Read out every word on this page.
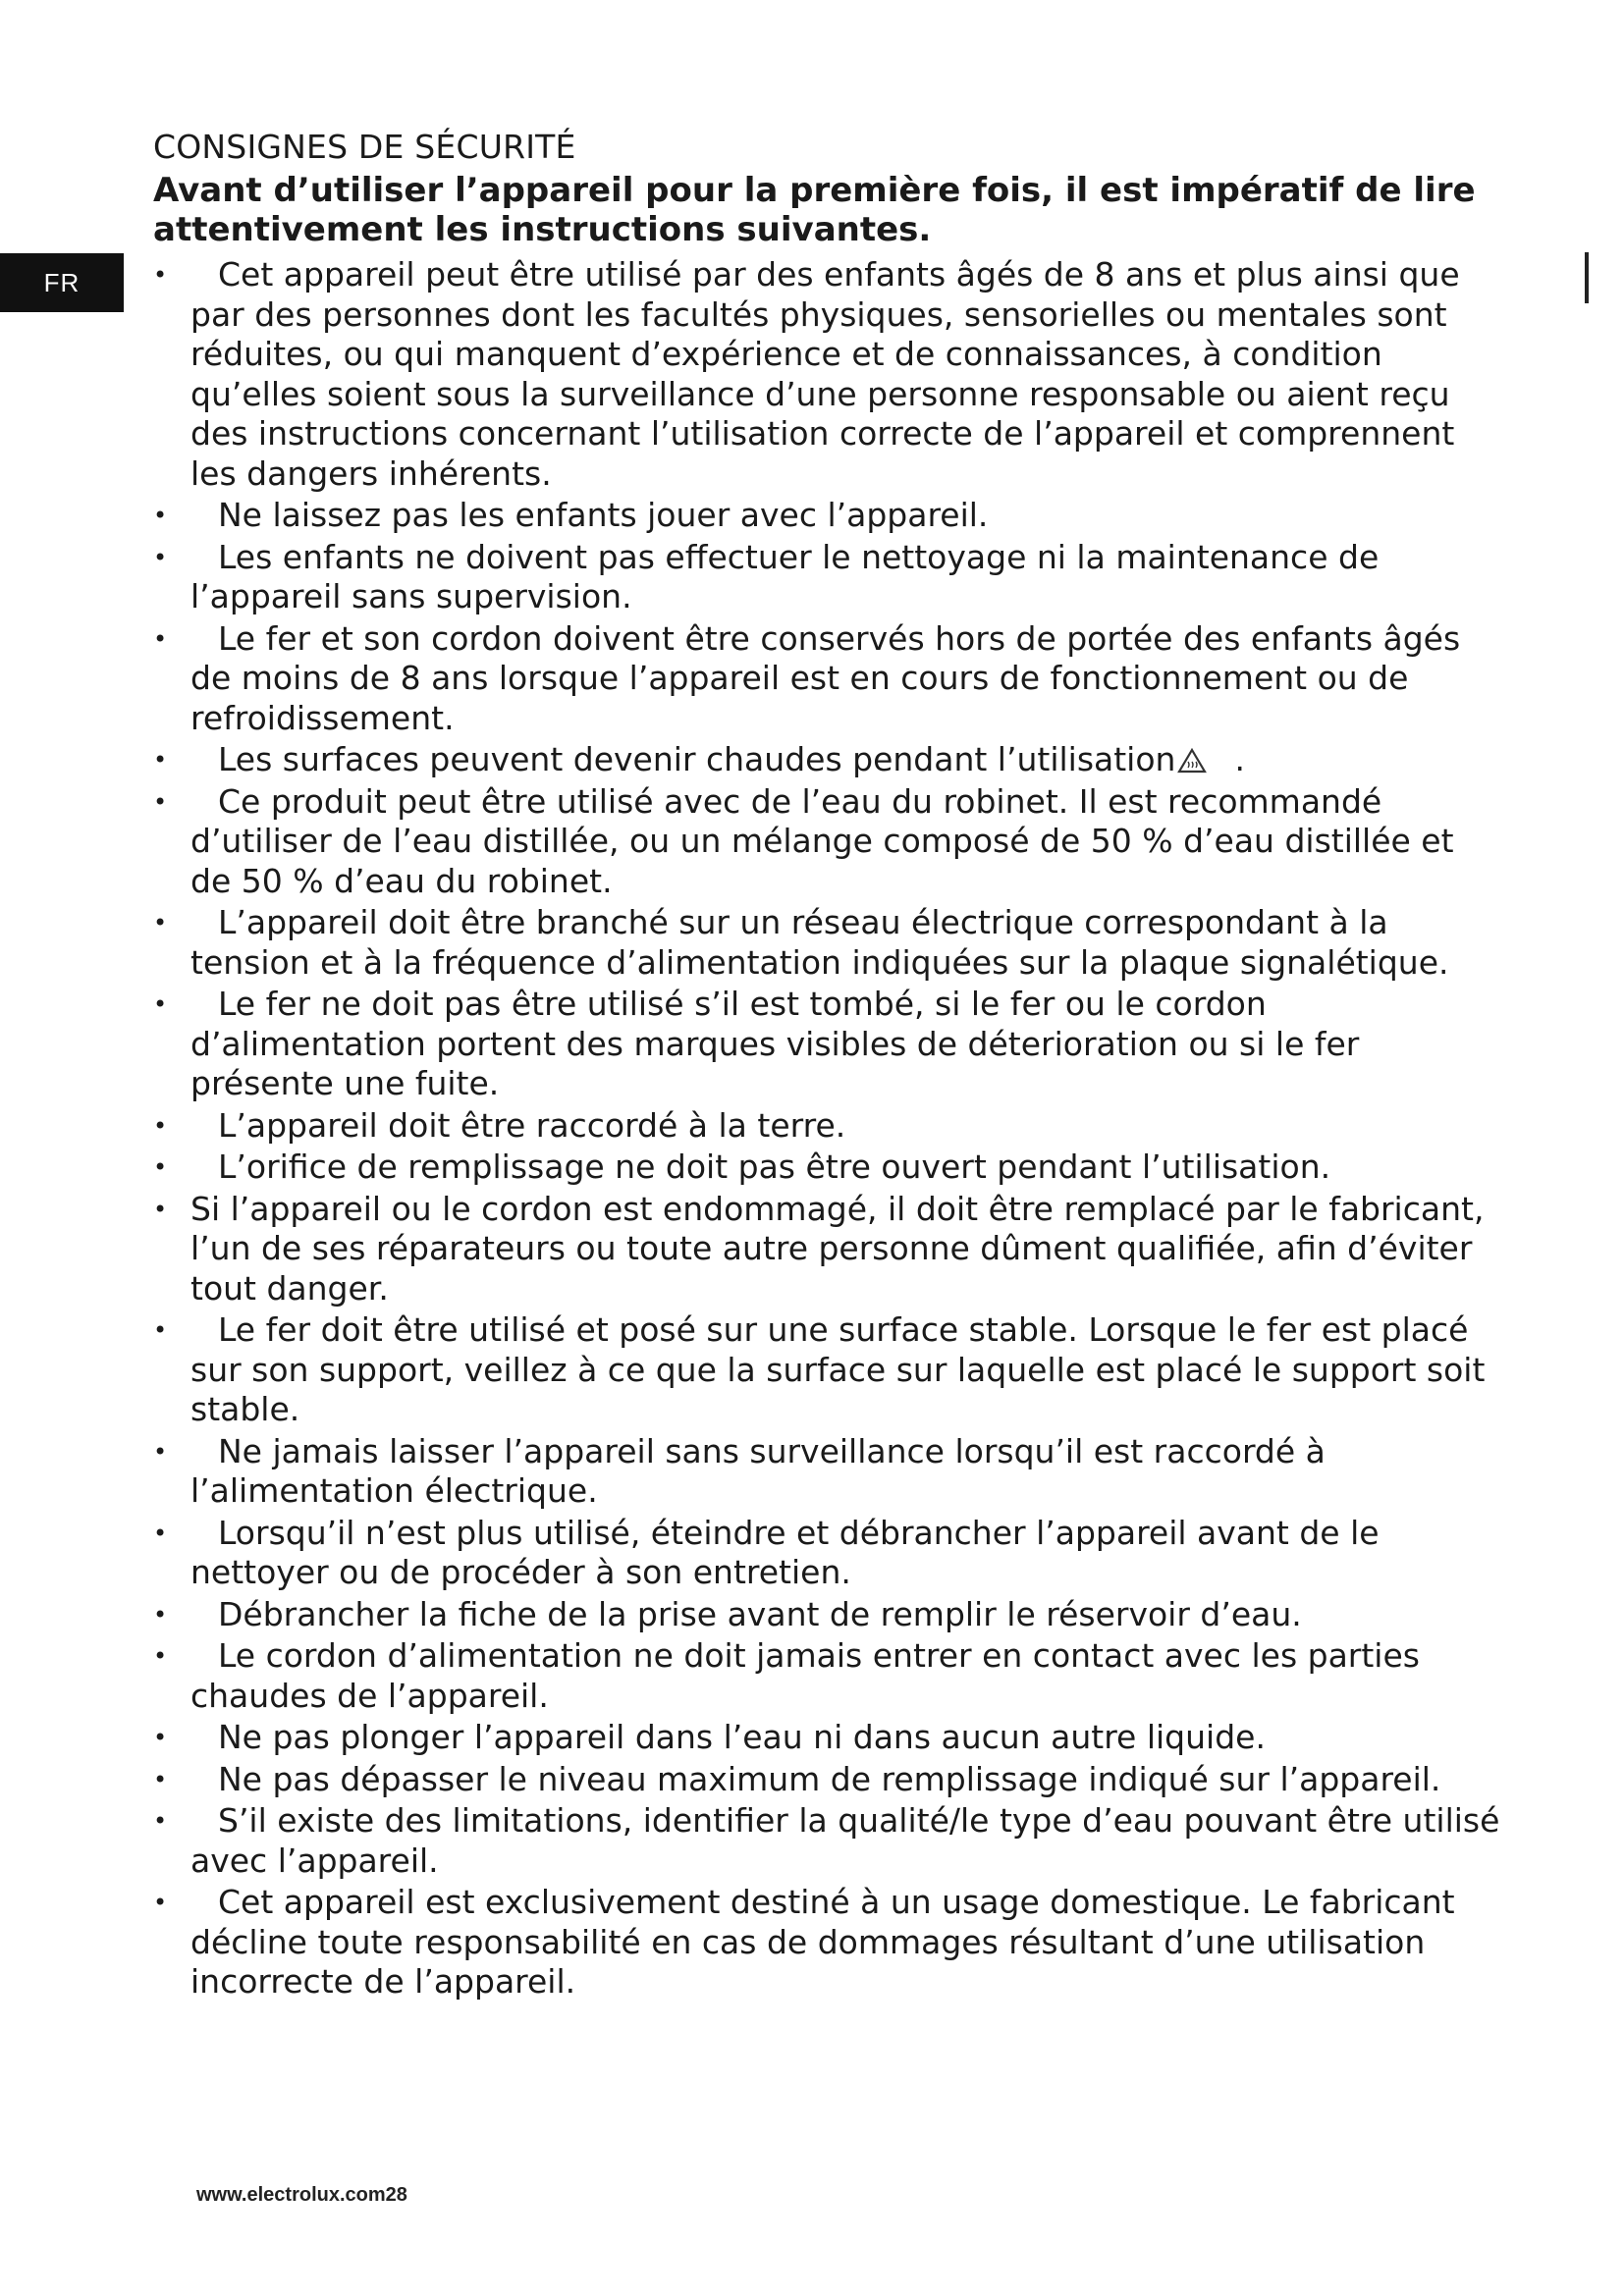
FR
CONSIGNES DE SÉCURITÉ

Avant d’utiliser l’appareil pour la première fois, il est impératif de lire attentivement les instructions suivantes.

•	Cet appareil peut être utilisé par des enfants âgés de 8 ans et plus ainsi que par des personnes dont les facultés physiques, sensorielles ou mentales sont réduites, ou qui manquent d’expérience et de connaissances, à condition qu’elles soient sous la surveillance d’une personne responsable ou aient reçu des instructions concernant l’utilisation correcte de l’appareil et comprennent les dangers inhérents.
•	Ne laissez pas les enfants jouer avec l’appareil.
•	Les enfants ne doivent pas effectuer le nettoyage ni la maintenance de l’appareil sans supervision.
•	Le fer et son cordon doivent être conservés hors de portée des enfants âgés de moins de 8 ans lorsque l’appareil est en cours de fonctionnement ou de refroidissement.
•	Les surfaces peuvent devenir chaudes pendant l’utilisation .
•	Ce produit peut être utilisé avec de l’eau du robinet. Il est recommandé d’utiliser de l’eau distillée, ou un mélange composé de 50 % d’eau distillée et de 50 % d’eau du robinet.
•	L’appareil doit être branché sur un réseau électrique correspondant à la tension et à la fréquence d’alimentation indiquées sur la plaque signalétique.
•	Le fer ne doit pas être utilisé s’il est tombé, si le fer ou le cordon d’alimentation portent des marques visibles de déterioration ou si le fer présente une fuite.
•	L’appareil doit être raccordé à la terre.
•	L’orifice de remplissage ne doit pas être ouvert pendant l’utilisation.
• Si l’appareil ou le cordon est endommagé, il doit être remplacé par le fabricant, l’un de ses réparateurs ou toute autre personne dûment qualifiée, afin d’éviter tout danger.
•	Le fer doit être utilisé et posé sur une surface stable. Lorsque le fer est placé sur son support, veillez à ce que la surface sur laquelle est placé le support soit stable.
•	Ne jamais laisser l’appareil sans surveillance lorsqu’il est raccordé à l’alimentation électrique.
•	Lorsqu’il n’est plus utilisé, éteindre et débrancher l’appareil avant de le nettoyer ou de procéder à son entretien.
•	Débrancher la fiche de la prise avant de remplir le réservoir d’eau.
•	Le cordon d’alimentation ne doit jamais entrer en contact avec les parties chaudes de l’appareil.
•	Ne pas plonger l’appareil dans l’eau ni dans aucun autre liquide.
•	Ne pas dépasser le niveau maximum de remplissage indiqué sur l’appareil.
•	S’il existe des limitations, identifier la qualité/le type d’eau pouvant être utilisé avec l’appareil.
•	Cet appareil est exclusivement destiné à un usage domestique. Le fabricant décline toute responsabilité en cas de dommages résultant d’une utilisation incorrecte de l’appareil.
www.electrolux.com28
